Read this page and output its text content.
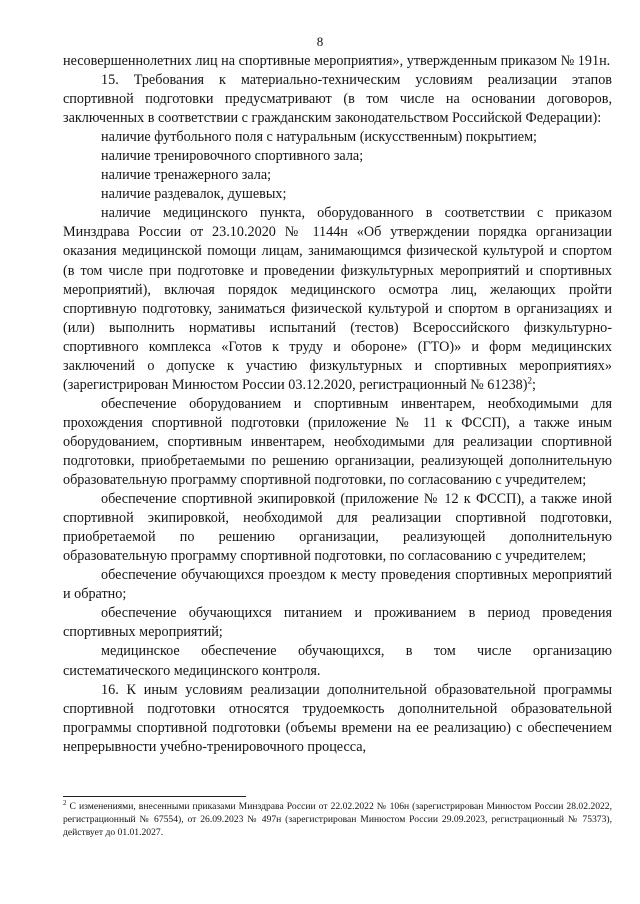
8

несовершеннолетних лиц на спортивные мероприятия», утвержденным приказом № 191н.

15. Требования к материально-техническим условиям реализации этапов спортивной подготовки предусматривают (в том числе на основании договоров, заключенных в соответствии с гражданским законодательством Российской Федерации):

наличие футбольного поля с натуральным (искусственным) покрытием;

наличие тренировочного спортивного зала;

наличие тренажерного зала;

наличие раздевалок, душевых;

наличие медицинского пункта, оборудованного в соответствии с приказом Минздрава России от 23.10.2020 № 1144н «Об утверждении порядка организации оказания медицинской помощи лицам, занимающимся физической культурой и спортом (в том числе при подготовке и проведении физкультурных мероприятий и спортивных мероприятий), включая порядок медицинского осмотра лиц, желающих пройти спортивную подготовку, заниматься физической культурой и спортом в организациях и (или) выполнить нормативы испытаний (тестов) Всероссийского физкультурно-спортивного комплекса «Готов к труду и обороне» (ГТО)» и форм медицинских заключений о допуске к участию физкультурных и спортивных мероприятиях» (зарегистрирован Минюстом России 03.12.2020, регистрационный № 61238)$^2$;

обеспечение оборудованием и спортивным инвентарем, необходимыми для прохождения спортивной подготовки (приложение № 11 к ФССП), а также иным оборудованием, спортивным инвентарем, необходимыми для реализации спортивной подготовки, приобретаемыми по решению организации, реализующей дополнительную образовательную программу спортивной подготовки, по согласованию с учредителем;

обеспечение спортивной экипировкой (приложение № 12 к ФССП), а также иной спортивной экипировкой, необходимой для реализации спортивной подготовки, приобретаемой по решению организации, реализующей дополнительную образовательную программу спортивной подготовки, по согласованию с учредителем;

обеспечение обучающихся проездом к месту проведения спортивных мероприятий и обратно;

обеспечение обучающихся питанием и проживанием в период проведения спортивных мероприятий;

медицинское обеспечение обучающихся, в том числе организацию систематического медицинского контроля.

16. К иным условиям реализации дополнительной образовательной программы спортивной подготовки относятся трудоемкость дополнительной образовательной программы спортивной подготовки (объемы времени на ее реализацию) с обеспечением непрерывности учебно-тренировочного процесса,

$^2$ С изменениями, внесенными приказами Минздрава России от 22.02.2022 № 106н (зарегистрирован Минюстом России 28.02.2022, регистрационный № 67554), от 26.09.2023 № 497н (зарегистрирован Минюстом России 29.09.2023, регистрационный № 75373), действует до 01.01.2027.
